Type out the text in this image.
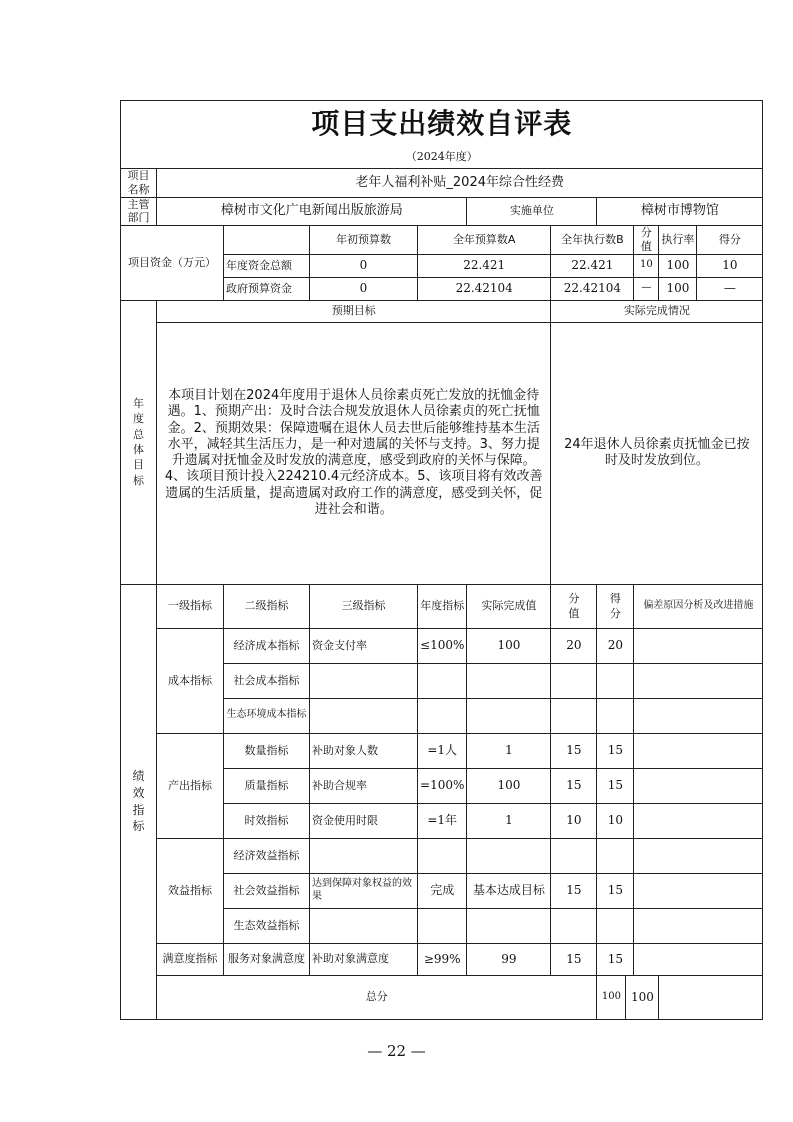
项目支出绩效自评表											
（2024年度）											
项目名称	老年人福利补贴_2024年综合性经费										
主管部门	樟树市文化广电新闻出版旅游局				实施单位		樟树市博物馆				
项目资金（万元）			年初预算数	全年预算数A		全年执行数B			分值	执行率	得分
		年度资金总额	0	22.421		22.421			10	100	10
		政府预算资金	0	22.42104		22.42104			—	100	—
年度总体目标	预期目标					实际完成情况					
	本项目计划在2024年度用于退休人员徐素贞死亡发放的抚恤金待遇。1、预期产出：及时合法合规发放退休人员徐素贞的死亡抚恤金。2、预期效果：保障遗嘱在退休人员去世后能够维持基本生活水平，减轻其生活压力，是一种对遗属的关怀与支持。3、努力提升遗属对抚恤金及时发放的满意度，感受到政府的关怀与保障。4、该项目预计投入224210.4元经济成本。5、该项目将有效改善遗属的生活质量，提高遗属对政府工作的满意度，感受到关怀，促进社会和谐。					24年退休人员徐素贞抚恤金已按时及时发放到位。					
绩效指标	一级指标	二级指标	三级指标	年度指标	实际完成值	分值	得分		偏差原因分析及改进措施		
	成本指标	经济成本指标	资金支付率	≤100%	100	20	20				
		社会成本指标									
		生态环境成本指标									
	产出指标	数量指标	补助对象人数	=1人	1	15	15				
		质量指标	补助合规率	=100%	100	15	15				
		时效指标	资金使用时限	=1年	1	10	10				
	效益指标	经济效益指标									
		社会效益指标	达到保障对象权益的效果	完成	基本达成目标	15	15				
		生态效益指标									
	满意度指标	服务对象满意度	补助对象满意度	≥99%	99	15	15				
	总分						100	100			
— 22 —
